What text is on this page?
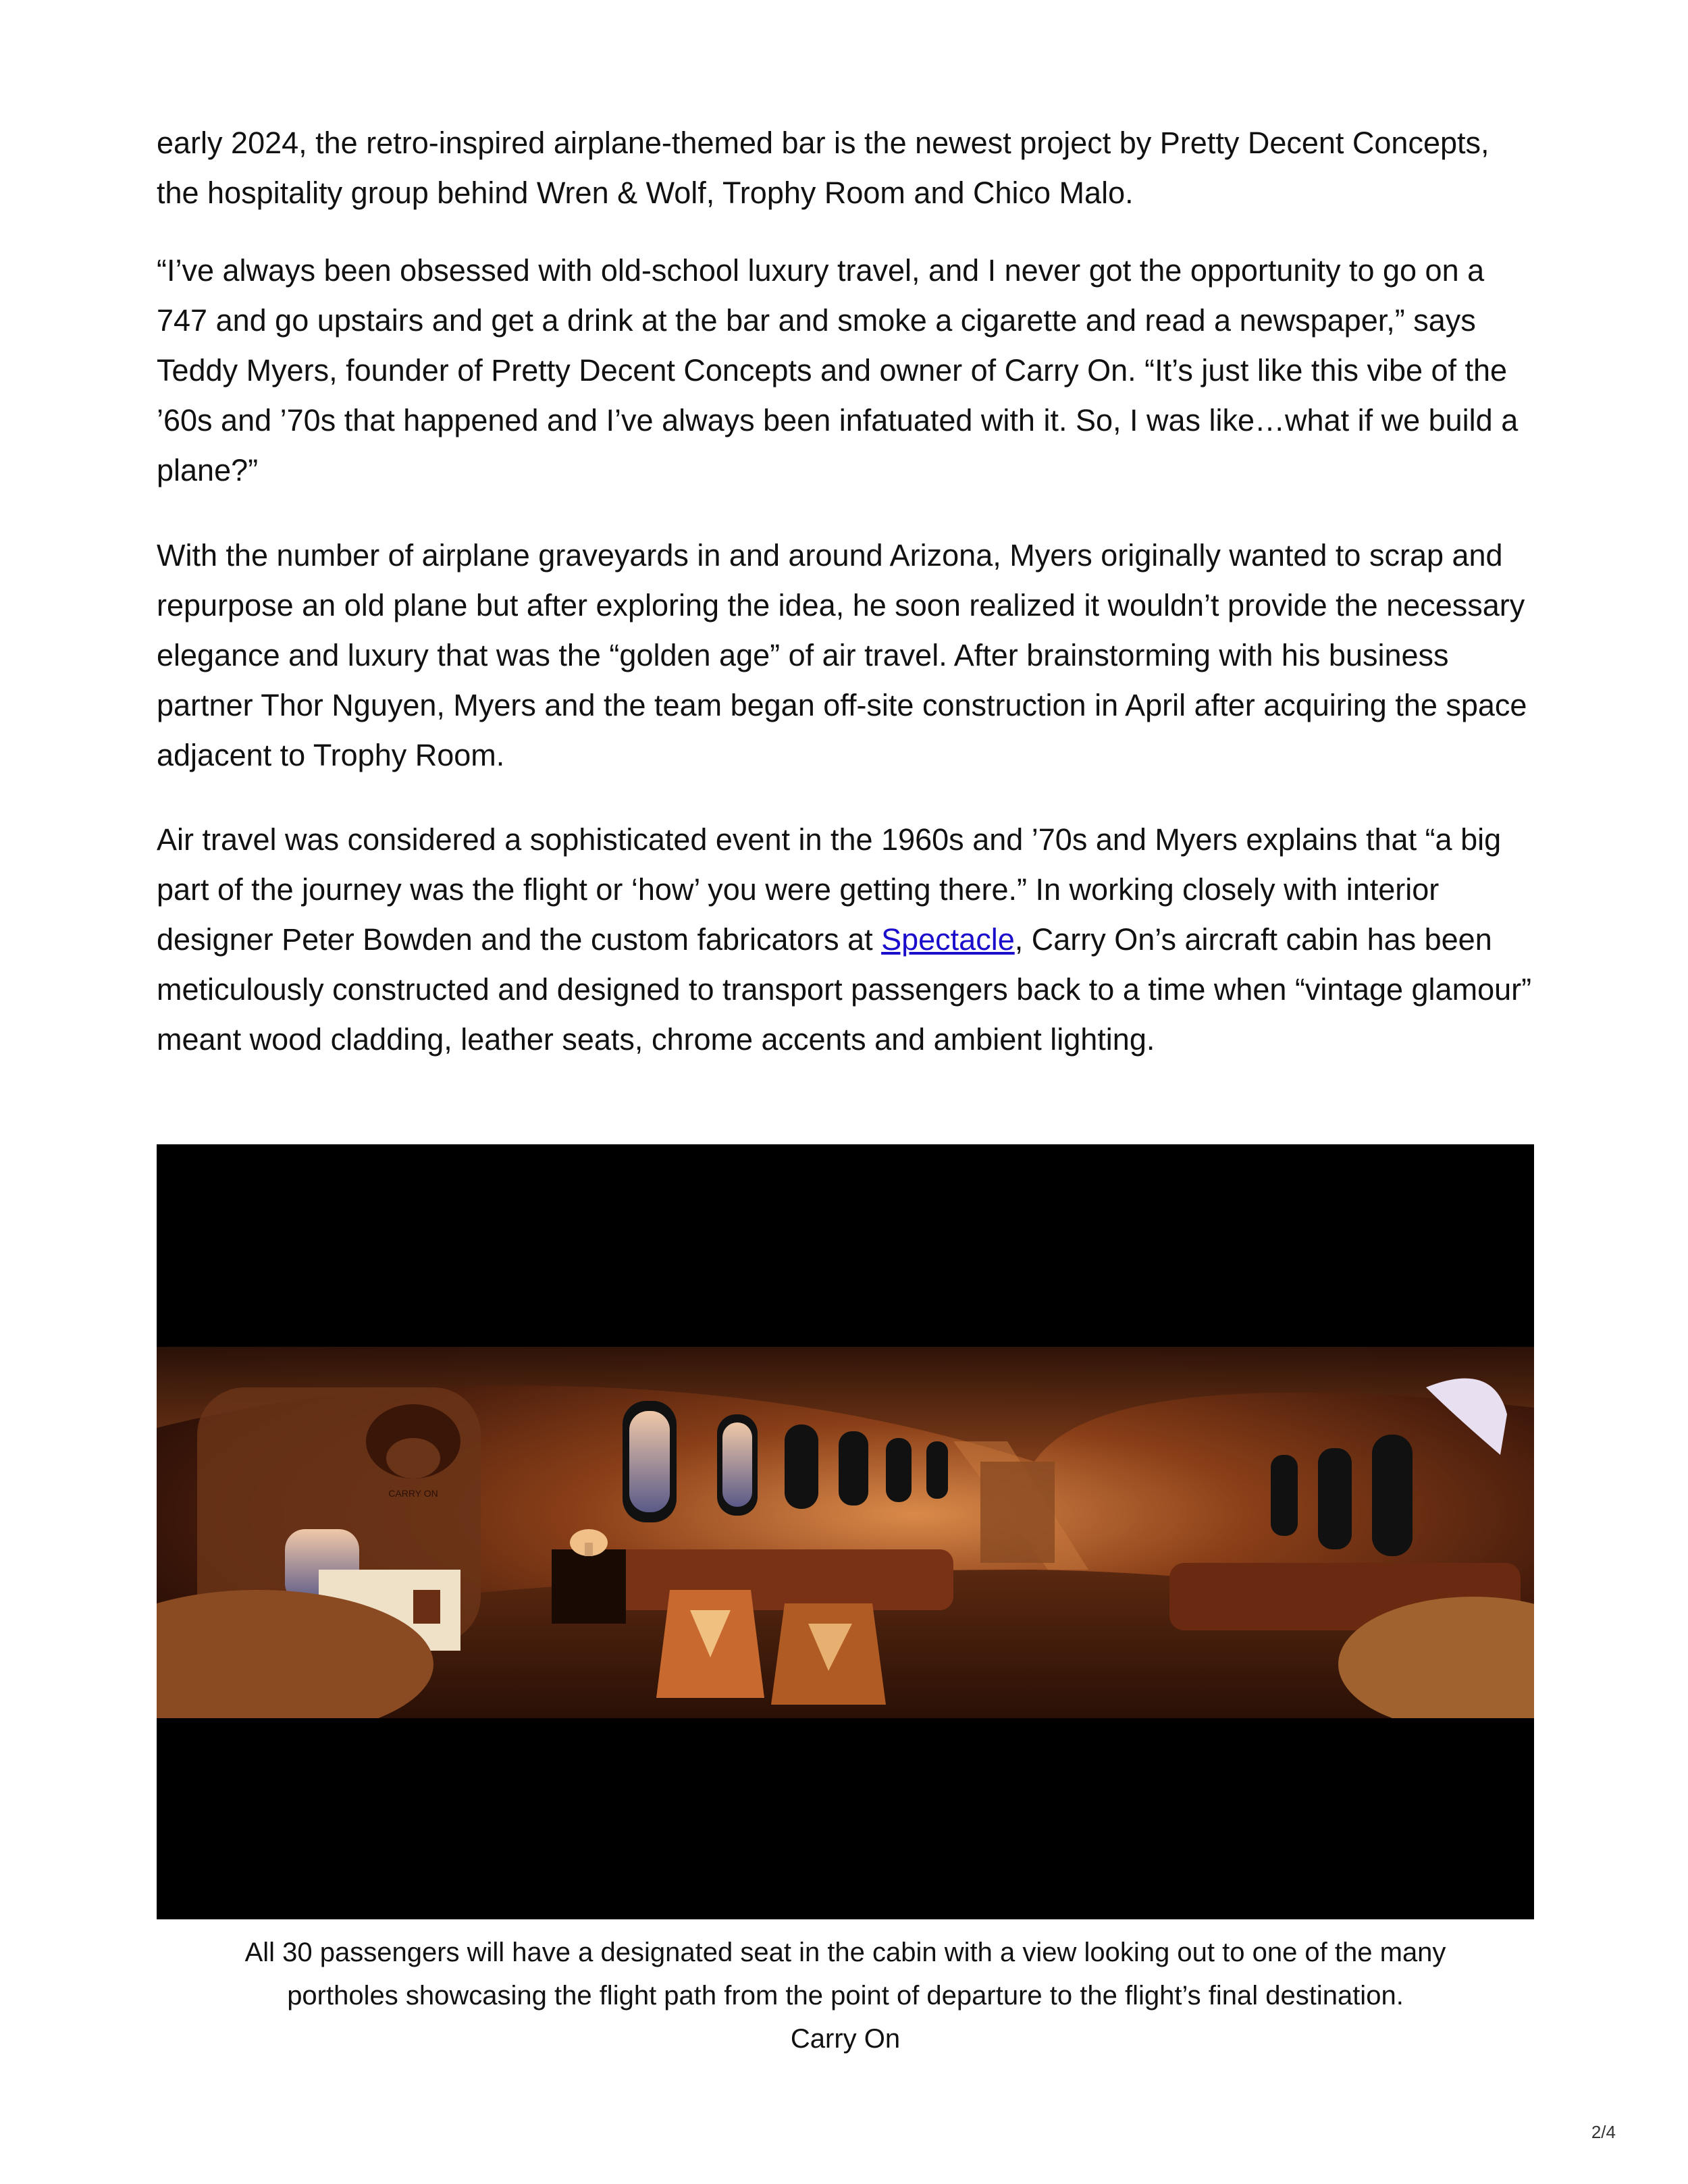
early 2024, the retro-inspired airplane-themed bar is the newest project by Pretty Decent Concepts, the hospitality group behind Wren & Wolf, Trophy Room and Chico Malo.

“I’ve always been obsessed with old-school luxury travel, and I never got the opportunity to go on a 747 and go upstairs and get a drink at the bar and smoke a cigarette and read a newspaper,” says Teddy Myers, founder of Pretty Decent Concepts and owner of Carry On. “It’s just like this vibe of the ’60s and ’70s that happened and I’ve always been infatuated with it. So, I was like…what if we build a plane?”

With the number of airplane graveyards in and around Arizona, Myers originally wanted to scrap and repurpose an old plane but after exploring the idea, he soon realized it wouldn’t provide the necessary elegance and luxury that was the “golden age” of air travel. After brainstorming with his business partner Thor Nguyen, Myers and the team began off-site construction in April after acquiring the space adjacent to Trophy Room.

Air travel was considered a sophisticated event in the 1960s and ’70s and Myers explains that “a big part of the journey was the flight or ‘how’ you were getting there.” In working closely with interior designer Peter Bowden and the custom fabricators at Spectacle, Carry On’s aircraft cabin has been meticulously constructed and designed to transport passengers back to a time when “vintage glamour” meant wood cladding, leather seats, chrome accents and ambient lighting.

CARRY ON

All 30 passengers will have a designated seat in the cabin with a view looking out to one of the many
portholes showcasing the flight path from the point of departure to the flight’s final destination.
Carry On

2/4
